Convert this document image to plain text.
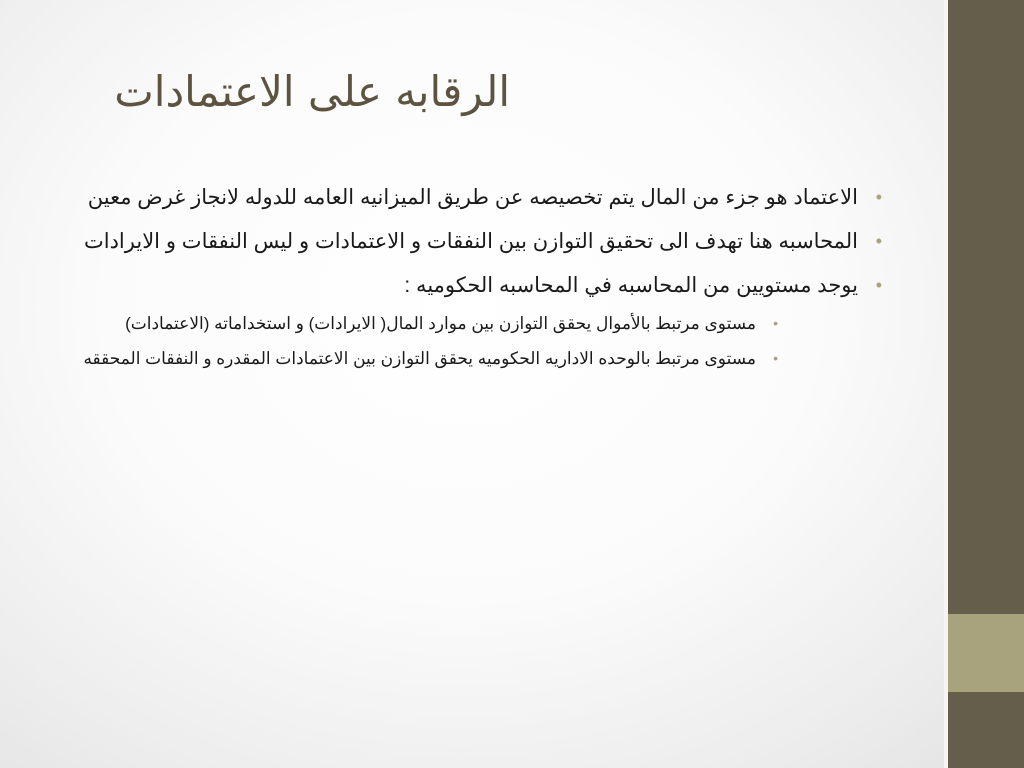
الرقابه على الاعتمادات
•
الاعتماد هو جزء من المال يتم تخصيصه عن طريق الميزانيه العامه للدوله لانجاز غرض معين
•
المحاسبه هنا تهدف الى تحقيق التوازن بين النفقات و الاعتمادات و ليس النفقات و الايرادات
•
يوجد مستويين من المحاسبه في المحاسبه الحكوميه :
•
مستوى مرتبط بالأموال يحقق التوازن بين موارد المال( الايرادات) و استخداماته (الاعتمادات)
•
مستوى مرتبط بالوحده الاداريه الحكوميه يحقق التوازن بين الاعتمادات المقدره و النفقات المحققه
